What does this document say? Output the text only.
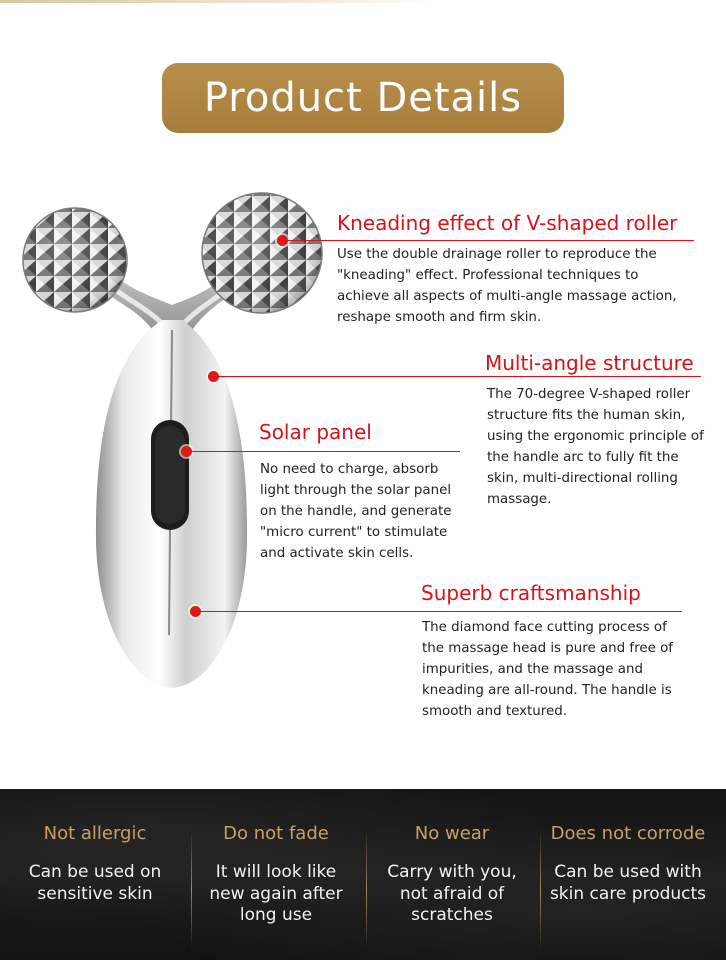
Product Details
Kneading effect of V-shaped roller

Use the double drainage roller to reproduce the "kneading" effect. Professional techniques to achieve all aspects of multi-angle massage action, reshape smooth and firm skin.

Multi-angle structure

The 70-degree V-shaped roller structure fits the human skin, using the ergonomic principle of the handle arc to fully fit the skin, multi-directional rolling massage.

Solar panel

No need to charge, absorb light through the solar panel on the handle, and generate "micro current" to stimulate and activate skin cells.

Superb craftsmanship

The diamond face cutting process of the massage head is pure and free of impurities, and the massage and kneading are all-round. The handle is smooth and textured.

Not allergic
Can be used on
sensitive skin
Do not fade
It will look like
new again after
long use
No wear
Carry with you,
not afraid of
scratches
Does not corrode
Can be used with
skin care products
